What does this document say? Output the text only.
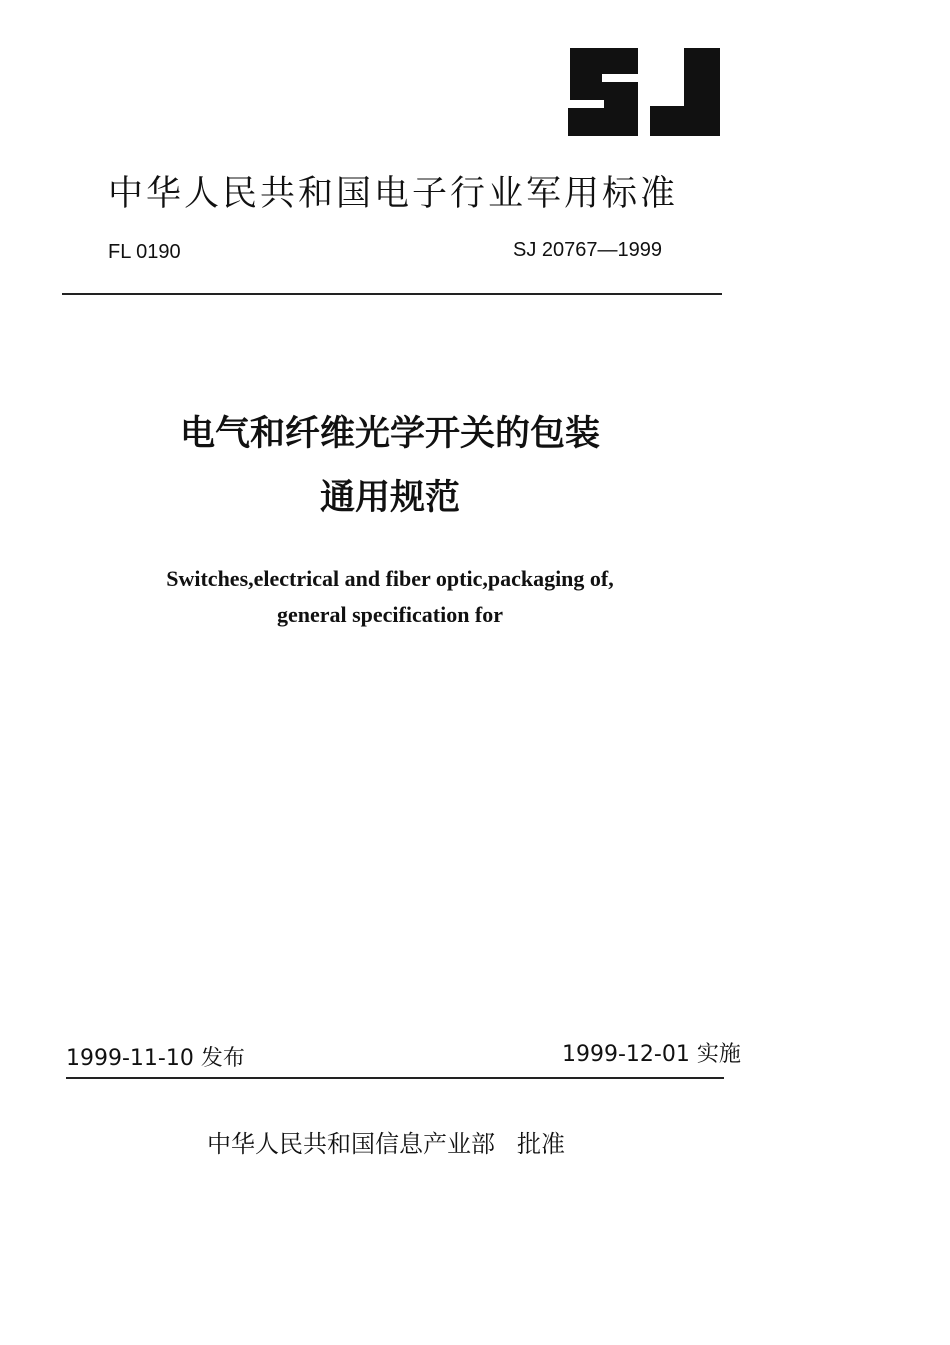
中华人民共和国电子行业军用标准
FL 0190	SJ 20767—1999
电气和纤维光学开关的包装
通用规范
Switches,electrical and fiber optic,packaging of,
general specification for
1999-11-10 发布	1999-12-01 实施
中华人民共和国信息产业部 批准
